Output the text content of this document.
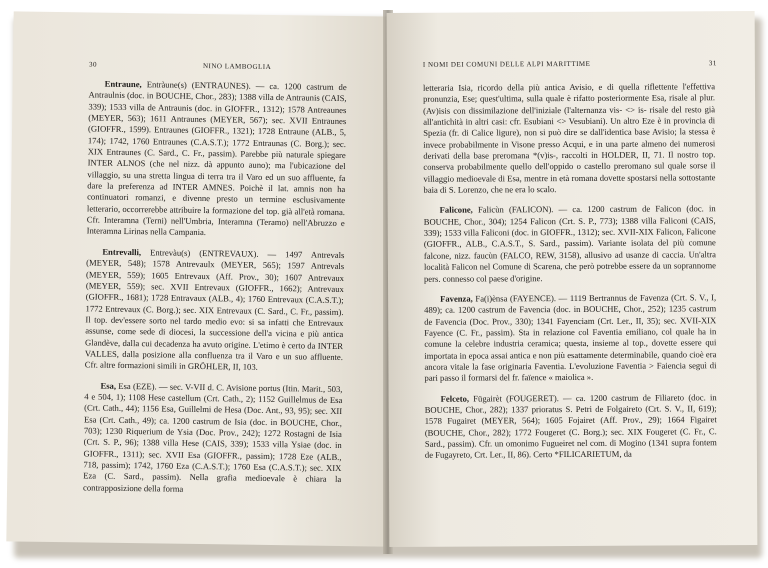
30	NINO LAMBOGLIA

Entraune, Entràune(s) (ENTRAUNES). — ca. 1200 castrum de Antraulnis (doc. in BOUCHE, Chor., 283); 1388 villa de Antraunis (CAIS, 339); 1533 villa de Antraunis (doc. in GIOFFR., 1312); 1578 Antreaunes (MEYER, 563); 1611 Antraunes (MEYER, 567); sec. XVII Entraunes (GIOFFR., 1599). Entraunes (GIOFFR., 1321); 1728 Entraune (ALB., 5, 174); 1742, 1760 Entraunes (C.A.S.T.); 1772 Entraunas (C. Borg.); sec. XIX Entraunes (C. Sard., C. Fr., passim). Parebbe più naturale spiegare INTER ALNOS (che nel nizz. dà appunto auno); ma l'ubicazione del villaggio, su una stretta lingua di terra tra il Varo ed un suo affluente, fa dare la preferenza ad INTER AMNES. Poichè il lat. amnis non ha continuatori romanzi, e divenne presto un termine esclusivamente letterario, occorrerebbe attribuire la formazione del top. già all'età romana. Cfr. Interamna (Terni) nell'Umbria, Interamna (Teramo) nell'Abruzzo e Interamna Lirinas nella Campania.

Entrevalli, Entrevàu(s) (ENTREVAUX). — 1497 Antrevals (MEYER, 548); 1578 Antrevaulx (MEYER, 565); 1597 Antrevals (MEYER, 559); 1605 Entrevaux (Aff. Prov., 30); 1607 Antrevaux (MEYER, 559); sec. XVII Entrevaux (GIOFFR., 1662); Antrevaux (GIOFFR., 1681); 1728 Entravaux (ALB., 4); 1760 Entrevaux (C.A.S.T.); 1772 Entrevaux (C. Borg.); sec. XIX Entrevaux (C. Sard., C. Fr., passim). Il top. dev'essere sorto nel tardo medio evo: si sa infatti che Entrevaux assunse, come sede di diocesi, la successione dell'a vicina e più antica Glandève, dalla cui decadenza ha avuto origine. L'etimo è certo da INTER VALLES, dalla posizione alla confluenza tra il Varo e un suo affluente. Cfr. altre formazioni simili in GRÖHLER, II, 103.

Esa, Esa (EZE). — sec. V-VII d. C. Avisione portus (Itin. Marit., 503, 4 e 504, 1); 1108 Hese castellum (Crt. Cath., 2); 1152 Guillelmus de Esa (Crt. Cath., 44); 1156 Esa, Guillelmi de Hesa (Doc. Ant., 93, 95); sec. XII Esa (Crt. Cath., 49); ca. 1200 castrum de Isia (doc. in BOUCHE, Chor., 703); 1230 Riquerium de Ysia (Doc. Prov., 242); 1272 Rostagni de Isia (Crt. S. P., 96); 1388 villa Hese (CAIS, 339); 1533 villa Ysiae (doc. in GIOFFR., 1311); sec. XVII Esa (GIOFFR., passim); 1728 Eze (ALB., 718, passim); 1742, 1760 Eza (C.A.S.T.); 1760 Esa (C.A.S.T.); sec. XIX Eza (C. Sard., passim). Nella grafia medioevale è chiara la contrapposizione della forma

I NOMI DEI COMUNI DELLE ALPI MARITTIME	31

letteraria Isia, ricordo della più antica Avisio, e di quella riflettente l'effettiva pronunzia, Ese; quest'ultima, sulla quale è rifatto posteriormente Esa, risale al plur. (Av)isis con dissimilazione dell'iniziale (l'alternanza vis- <> is- risale del resto già all'antichità in altri casi: cfr. Esubiani <> Vesubiani). Un altro Eze è in provincia di Spezia (fr. di Calice ligure), non si può dire se dall'identica base Avisio; la stessa è invece probabilmente in Visone presso Acqui, e in una parte almeno dei numerosi derivati della base preromana *(v)is-, raccolti in HOLDER, II, 71. Il nostro top. conserva probabilmente quello dell'oppido o castello preromano sul quale sorse il villaggio medioevale di Esa, mentre in età romana dovette spostarsi nella sottostante baia di S. Lorenzo, che ne era lo scalo.

Falicone, Falicùn (FALICON). — ca. 1200 castrum de Falicon (doc. in BOUCHE, Chor., 304); 1254 Falicon (Crt. S. P., 773); 1388 villa Faliconi (CAIS, 339); 1533 villa Faliconi (doc. in GIOFFR., 1312); sec. XVII-XIX Falicon, Falicone (GIOFFR., ALB., C.A.S.T., S. Sard., passim). Variante isolata del più comune falcone, nizz. faucùn (FALCO, REW, 3158), allusivo ad usanze di caccia. Un'altra località Falicon nel Comune di Scarena, che però potrebbe essere da un soprannome pers. connesso col paese d'origine.

Favenza, Fa(i)ènsa (FAYENCE). — 1119 Bertrannus de Favenza (Crt. S. V., I, 489); ca. 1200 castrum de Favencia (doc. in BOUCHE, Chor., 252); 1235 castrum de Favencia (Doc. Prov., 330); 1341 Fayenciam (Crt. Ler., II, 35); sec. XVII-XIX Fayence (C. Fr., passim). Sta in relazione col Faventia emiliano, col quale ha in comune la celebre industria ceramica; questa, insieme al top., dovette essere qui importata in epoca assai antica e non più esattamente determinabile, quando cioè era ancora vitale la fase originaria Faventia. L'evoluzione Faventia > Faiencia seguì di pari passo il formarsi del fr. faïence « maiolica ».

Felceto, Fügairèt (FOUGERET). — ca. 1200 castrum de Filiareto (doc. in BOUCHE, Chor., 282); 1337 prioratus S. Petri de Folgaireto (Crt. S. V., II, 619); 1578 Fugairet (MEYER, 564); 1605 Fojairet (Aff. Prov., 29); 1664 Figairet (BOUCHE, Chor., 282); 1772 Fougeret (C. Borg.); sec. XIX Fougeret (C. Fr., C. Sard., passim). Cfr. un omonimo Fugueiret nel com. di Mogino (1341 supra fontem de Fugayreto, Crt. Ler., II, 86). Certo *FILICARIETUM, da
